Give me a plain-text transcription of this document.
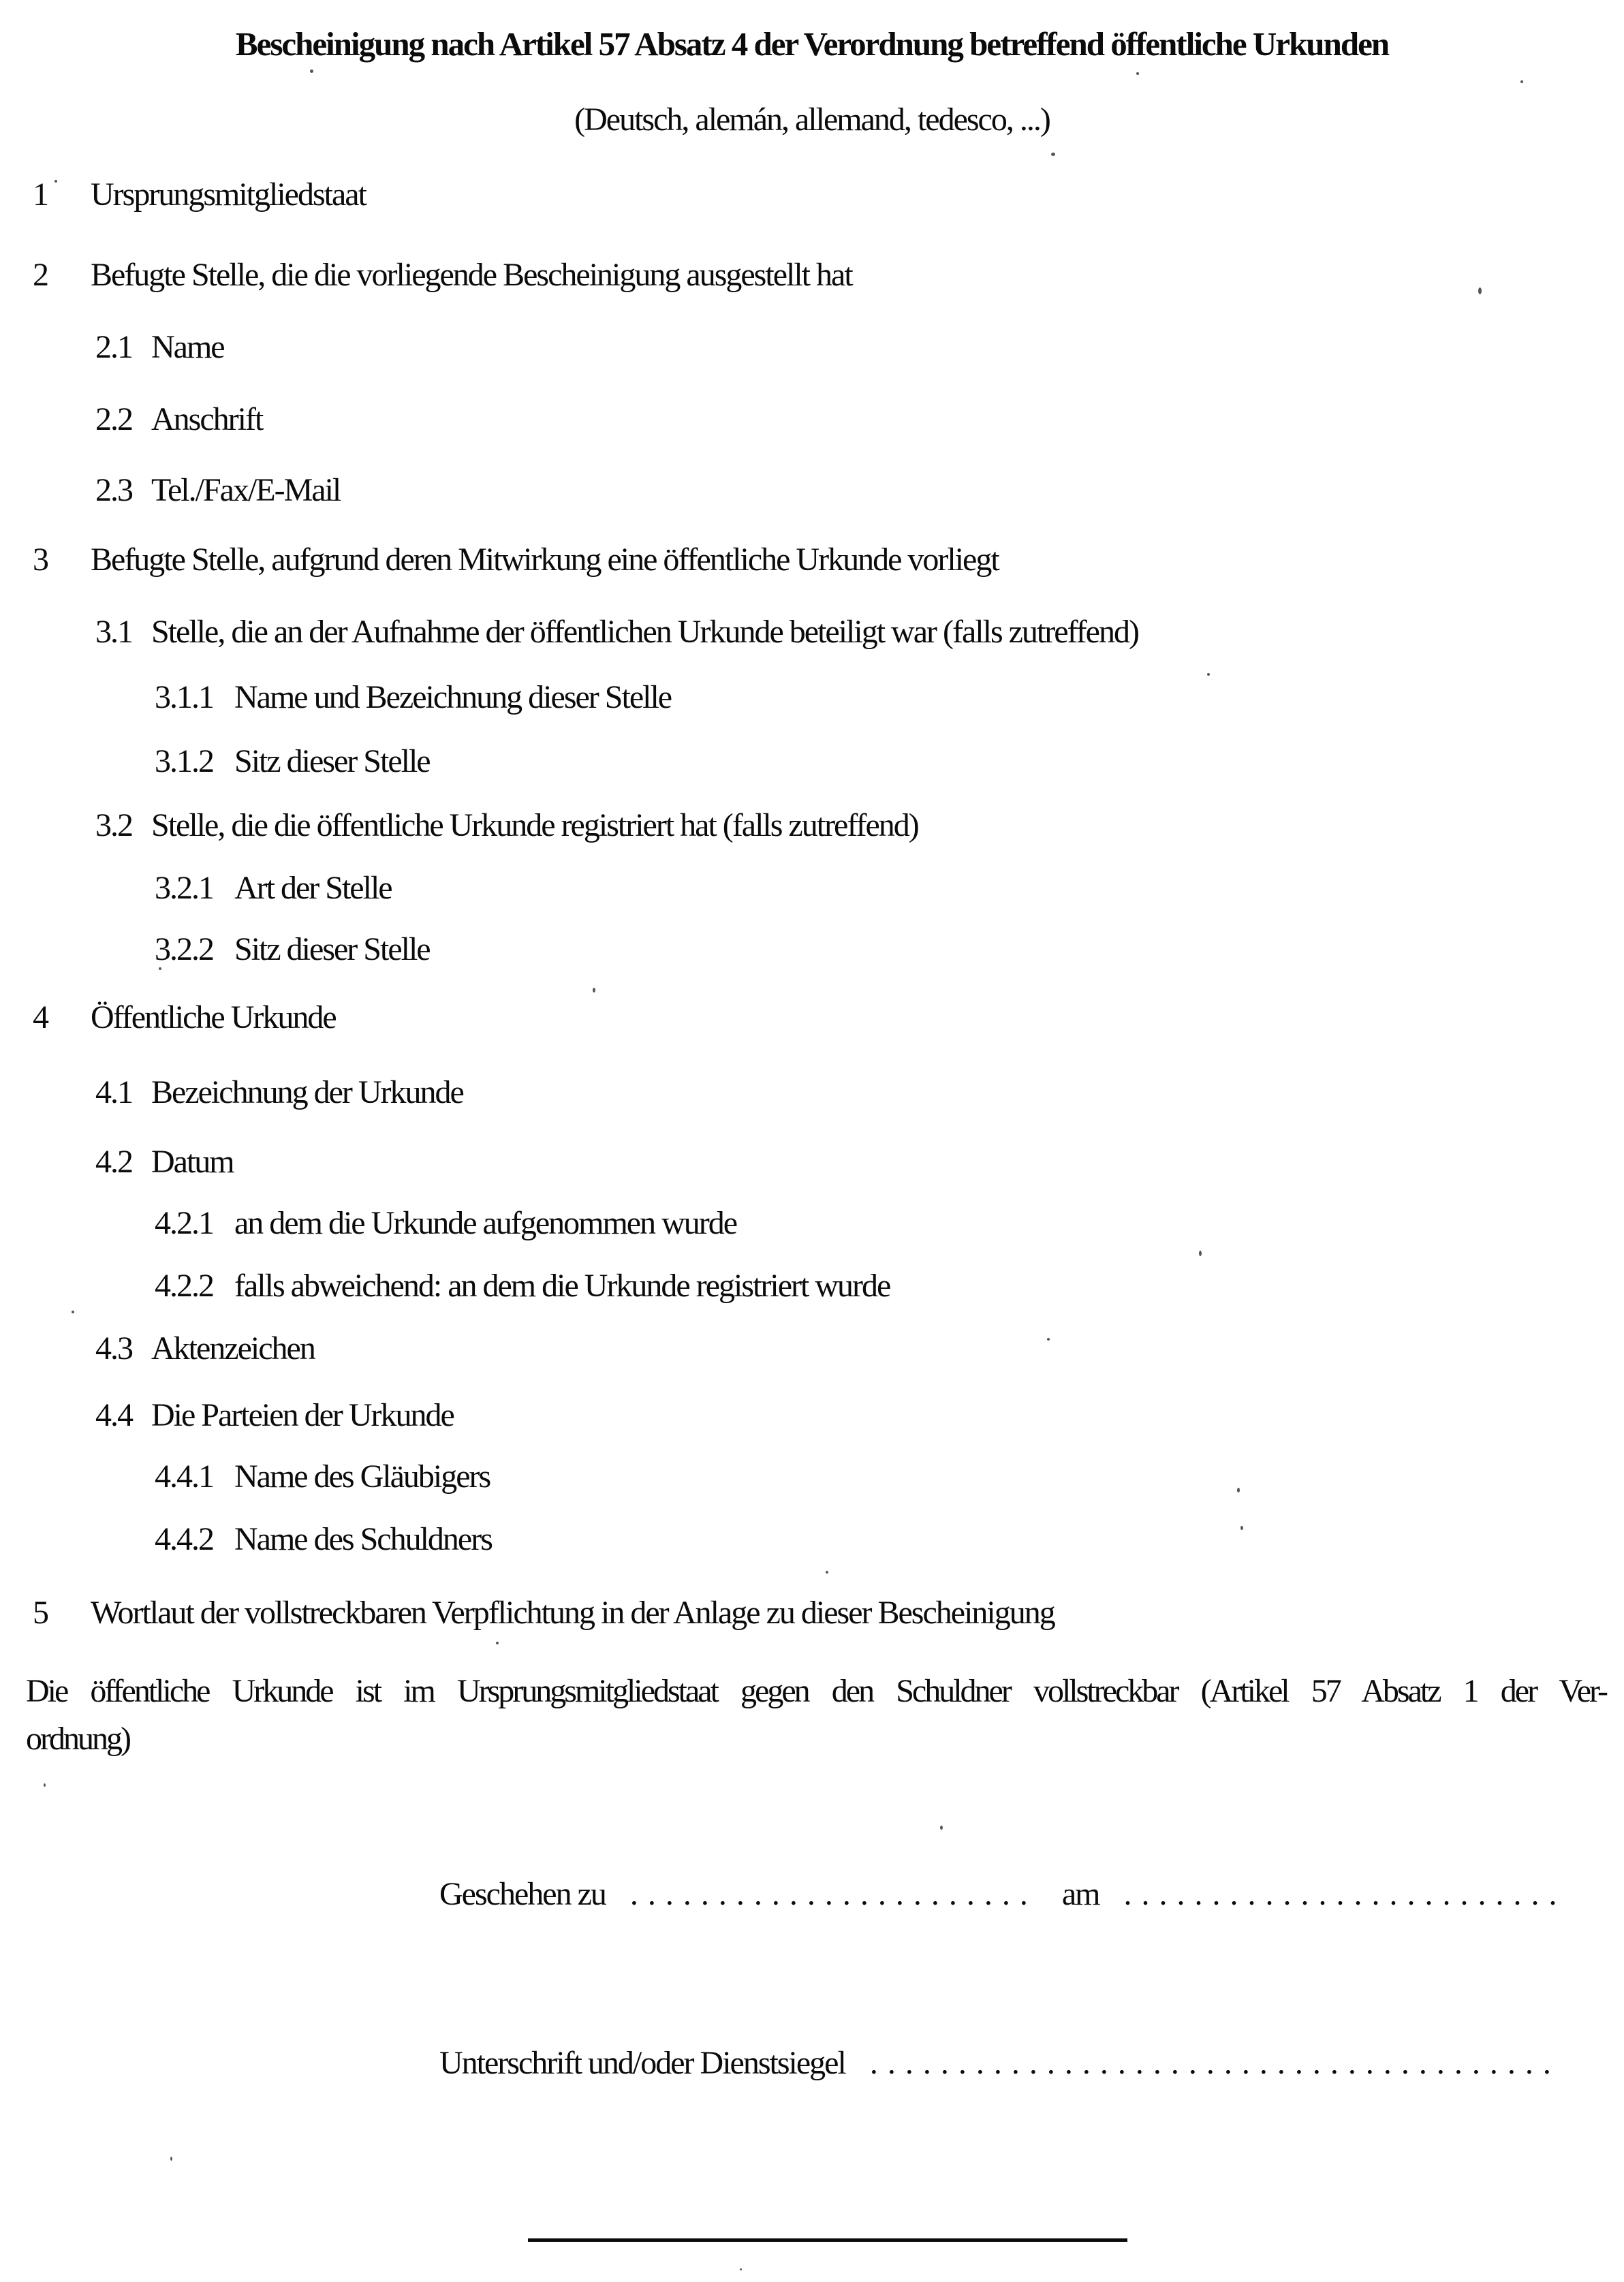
Bescheinigung nach Artikel 57 Absatz 4 der Verordnung betreffend öffentliche Urkunden
(Deutsch, alemán, allemand, tedesco, ...)
1	Ursprungsmitgliedstaat
2	Befugte Stelle, die die vorliegende Bescheinigung ausgestellt hat
2.1 Name
2.2 Anschrift
2.3 Tel./Fax/E-Mail
3	Befugte Stelle, aufgrund deren Mitwirkung eine öffentliche Urkunde vorliegt
3.1 Stelle, die an der Aufnahme der öffentlichen Urkunde beteiligt war (falls zutreffend)
3.1.1 Name und Bezeichnung dieser Stelle
3.1.2 Sitz dieser Stelle
3.2 Stelle, die die öffentliche Urkunde registriert hat (falls zutreffend)
3.2.1 Art der Stelle
3.2.2 Sitz dieser Stelle
4	Öffentliche Urkunde
4.1 Bezeichnung der Urkunde
4.2 Datum
4.2.1 an dem die Urkunde aufgenommen wurde
4.2.2 falls abweichend: an dem die Urkunde registriert wurde
4.3 Aktenzeichen
4.4 Die Parteien der Urkunde
4.4.1 Name des Gläubigers
4.4.2 Name des Schuldners
5	Wortlaut der vollstreckbaren Verpflichtung in der Anlage zu dieser Bescheinigung
Die öffentliche Urkunde ist im Ursprungsmitgliedstaat gegen den Schuldner vollstreckbar (Artikel 57 Absatz 1 der Ver-
ordnung)
Geschehen zu ....................... am .........................
Unterschrift und/oder Dienstsiegel .......................................
